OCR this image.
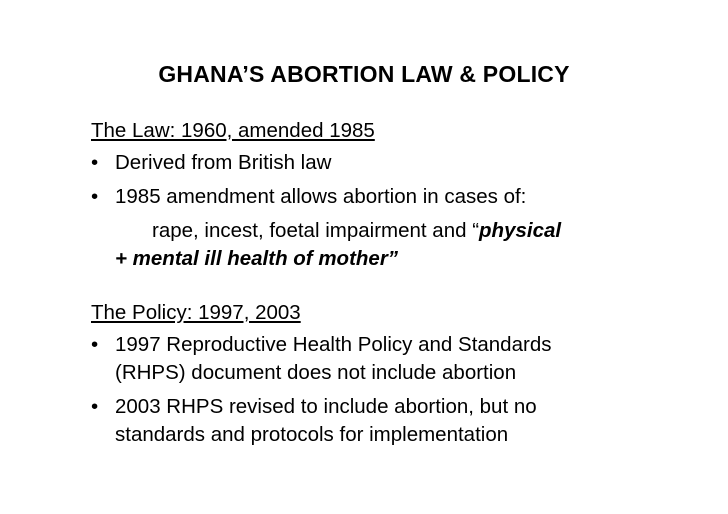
GHANA’S ABORTION LAW & POLICY
The Law: 1960, amended 1985
• Derived from British law
• 1985 amendment allows abortion in cases of:
rape, incest, foetal impairment and “physical
+ mental ill health of mother”
The Policy: 1997, 2003
• 1997 Reproductive Health Policy and Standards
(RHPS) document does not include abortion
• 2003 RHPS revised to include abortion, but no
standards and protocols for implementation
